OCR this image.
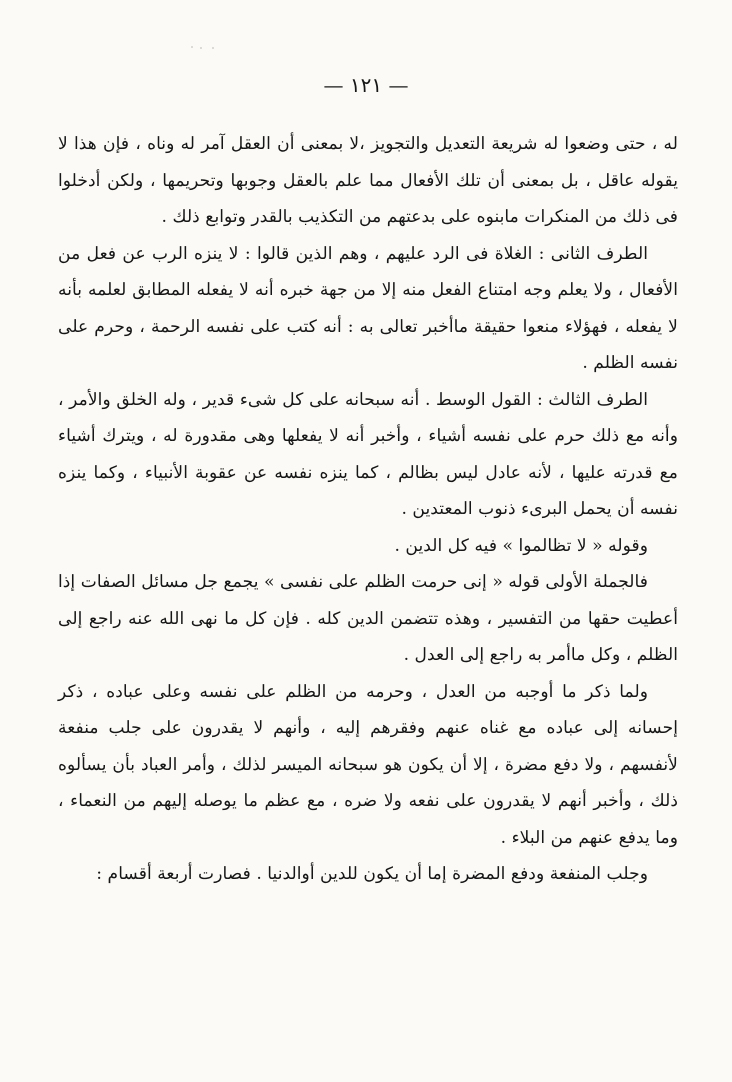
— ١٢١ —

له ، حتى وضعوا له شريعة التعديل والتجويز ،لا بمعنى أن العقل آمر له وناه ، فإن هذا لا يقوله عاقل ، بل بمعنى أن تلك الأفعال مما علم بالعقل وجوبها وتحريمها ، ولكن أدخلوا فى ذلك من المنكرات مابنوه على بدعتهم من التكذيب بالقدر وتوابع ذلك .

الطرف الثانى : الغلاة فى الرد عليهم ، وهم الذين قالوا : لا ينزه الرب عن فعل من الأفعال ، ولا يعلم وجه امتناع الفعل منه إلا من جهة خبره أنه لا يفعله المطابق لعلمه بأنه لا يفعله ، فهؤلاء منعوا حقيقة ماأخبر تعالى به : أنه كتب على نفسه الرحمة ، وحرم على نفسه الظلم .

الطرف الثالث : القول الوسط . أنه سبحانه على كل شىء قدير ، وله الخلق والأمر ، وأنه مع ذلك حرم على نفسه أشياء ، وأخبر أنه لا يفعلها وهى مقدورة له ، ويترك أشياء مع قدرته عليها ، لأنه عادل ليس بظالم ، كما ينزه نفسه عن عقوبة الأنبياء ، وكما ينزه نفسه أن يحمل البرىء ذنوب المعتدين .

وقوله « لا تظالموا » فيه كل الدين .

فالجملة الأولى قوله « إنى حرمت الظلم على نفسى » يجمع جل مسائل الصفات إذا أعطيت حقها من التفسير ، وهذه تتضمن الدين كله . فإن كل ما نهى الله عنه راجع إلى الظلم ، وكل ماأمر به راجع إلى العدل .

ولما ذكر ما أوجبه من العدل ، وحرمه من الظلم على نفسه وعلى عباده ، ذكر إحسانه إلى عباده مع غناه عنهم وفقرهم إليه ، وأنهم لا يقدرون على جلب منفعة لأنفسهم ، ولا دفع مضرة ، إلا أن يكون هو سبحانه الميسر لذلك ، وأمر العباد بأن يسألوه ذلك ، وأخبر أنهم لا يقدرون على نفعه ولا ضره ، مع عظم ما يوصله إليهم من النعماء ، وما يدفع عنهم من البلاء .

وجلب المنفعة ودفع المضرة إما أن يكون للدين أوالدنيا . فصارت أربعة أقسام :
